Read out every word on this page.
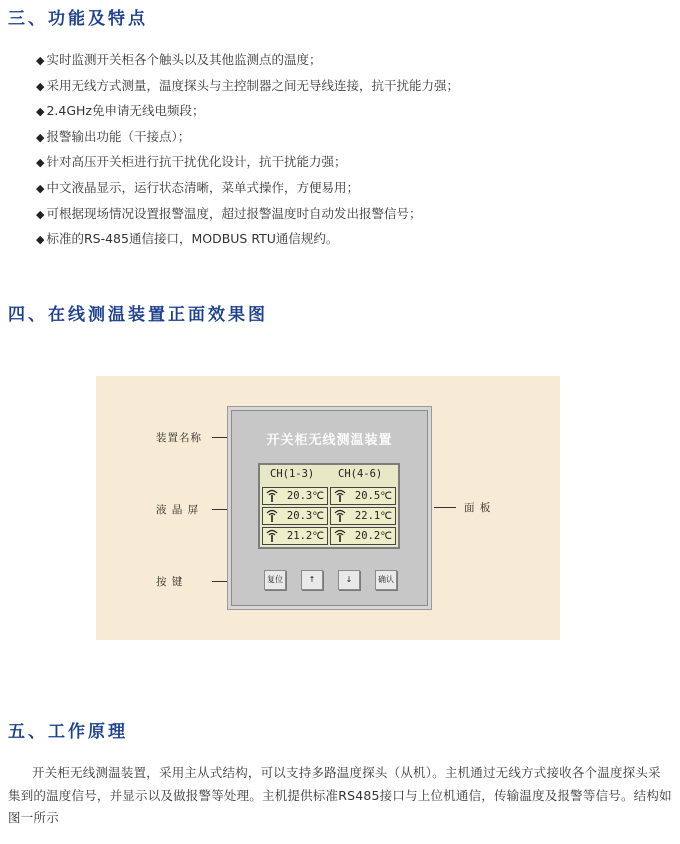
三、功能及特点
◆ 实时监测开关柜各个触头以及其他监测点的温度；
◆ 采用无线方式测量，温度探头与主控制器之间无导线连接，抗干扰能力强；
◆ 2.4GHz免申请无线电频段；
◆ 报警输出功能（干接点）；
◆ 针对高压开关柜进行抗干扰优化设计，抗干扰能力强；
◆ 中文液晶显示，运行状态清晰，菜单式操作，方便易用；
◆ 可根据现场情况设置报警温度，超过报警温度时自动发出报警信号；
◆ 标准的RS-485通信接口，MODBUS RTU通信规约。
四、在线测温装置正面效果图
装置名称
液 晶 屏
按 键
面 板
开关柜无线测温装置
CH(1-3) CH(4-6)
20.3℃	20.5℃
20.3℃	22.1℃
21.2℃	20.2℃
复位	↑	↓	确认
五、工作原理

开关柜无线测温装置，采用主从式结构，可以支持多路温度探头（从机）。主机通过无线方式接收各个温度探头采集到的温度信号，并显示以及做报警等处理。主机提供标准RS485接口与上位机通信，传输温度及报警等信号。结构如图一所示
